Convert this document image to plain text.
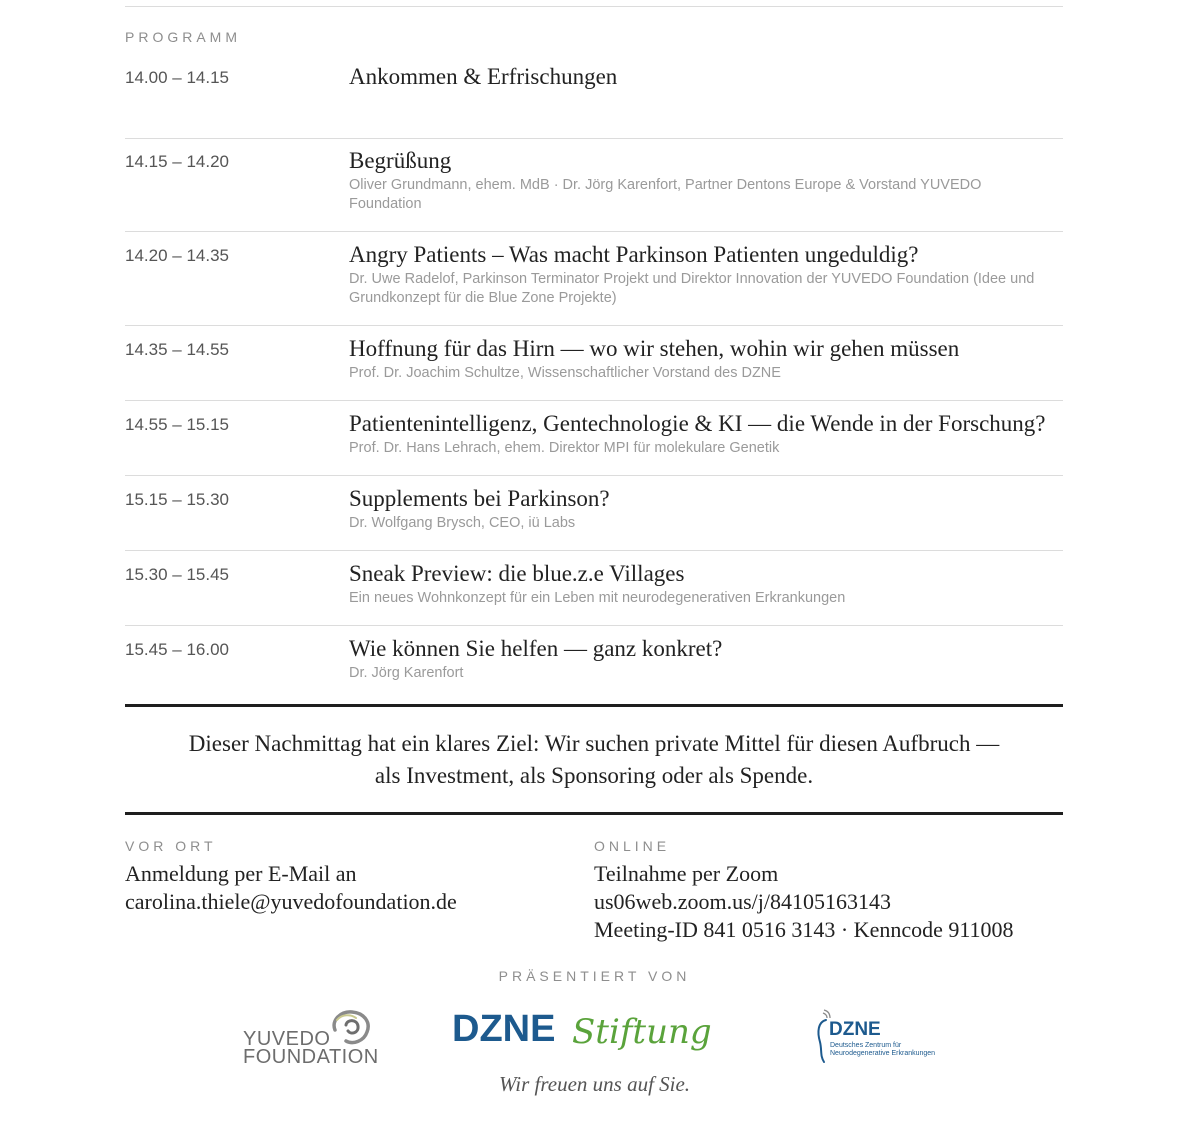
PROGRAMM
14.00 – 14.15	Ankommen & Erfrischungen
14.15 – 14.20	Begrüßung
Oliver Grundmann, ehem. MdB · Dr. Jörg Karenfort, Partner Dentons Europe & Vorstand YUVEDO Foundation
14.20 – 14.35	Angry Patients – Was macht Parkinson Patienten ungeduldig?
Dr. Uwe Radelof, Parkinson Terminator Projekt und Direktor Innovation der YUVEDO Foundation (Idee und Grundkonzept für die Blue Zone Projekte)
14.35 – 14.55	Hoffnung für das Hirn — wo wir stehen, wohin wir gehen müssen
Prof. Dr. Joachim Schultze, Wissenschaftlicher Vorstand des DZNE
14.55 – 15.15	Patientenintelligenz, Gentechnologie & KI — die Wende in der Forschung?
Prof. Dr. Hans Lehrach, ehem. Direktor MPI für molekulare Genetik
15.15 – 15.30	Supplements bei Parkinson?
Dr. Wolfgang Brysch, CEO, iü Labs
15.30 – 15.45	Sneak Preview: die blue.z.e Villages
Ein neues Wohnkonzept für ein Leben mit neurodegenerativen Erkrankungen
15.45 – 16.00	Wie können Sie helfen — ganz konkret?
Dr. Jörg Karenfort
Dieser Nachmittag hat ein klares Ziel: Wir suchen private Mittel für diesen Aufbruch —
als Investment, als Sponsoring oder als Spende.
VOR ORT
Anmeldung per E-Mail an
carolina.thiele@yuvedofoundation.de
ONLINE
Teilnahme per Zoom
us06web.zoom.us/j/84105163143
Meeting-ID 841 0516 3143 · Kenncode 911008
PRÄSENTIERT VON
YUVEDO
FOUNDATION
DZNE Stiftung	DZNE
Deutsches Zentrum für
Neurodegenerative Erkrankungen
Wir freuen uns auf Sie.
